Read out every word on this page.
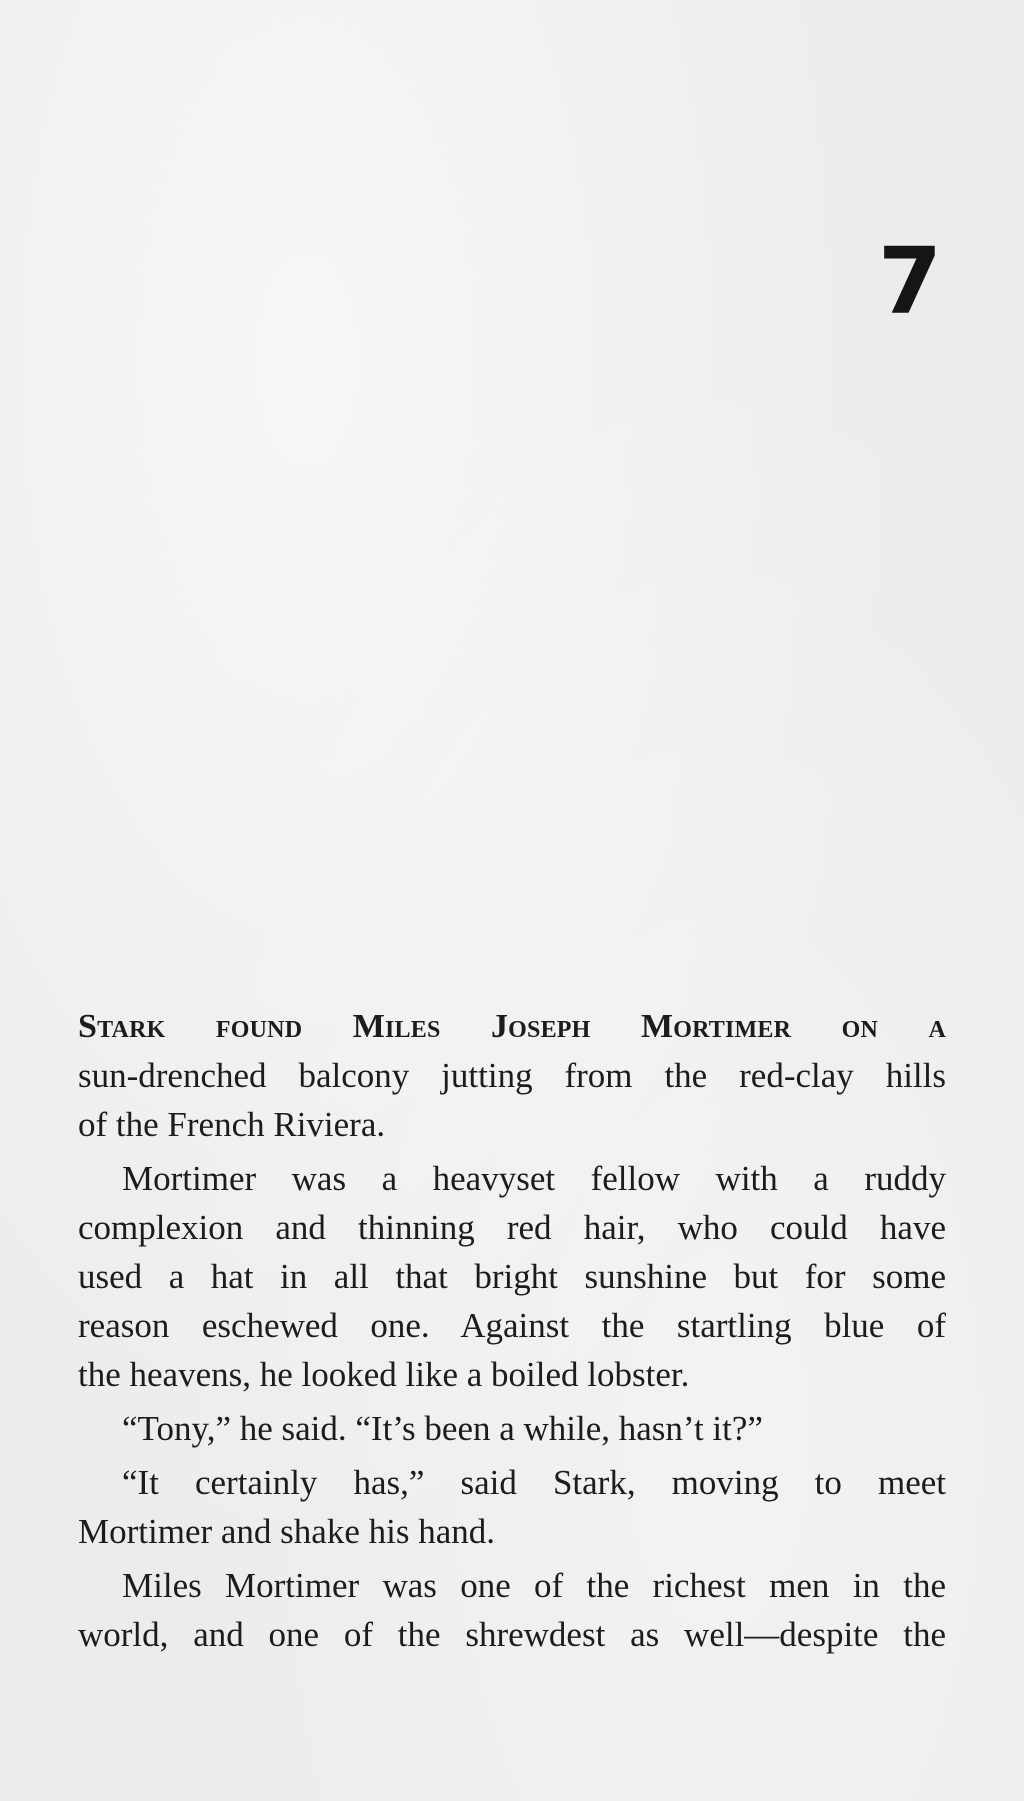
7
Stark found Miles Joseph Mortimer on a
sun-drenched balcony jutting from the red-clay hills
of the French Riviera.
Mortimer was a heavyset fellow with a ruddy
complexion and thinning red hair, who could have
used a hat in all that bright sunshine but for some
reason eschewed one. Against the startling blue of
the heavens, he looked like a boiled lobster.
“Tony,” he said. “It’s been a while, hasn’t it?”
“It certainly has,” said Stark, moving to meet
Mortimer and shake his hand.
Miles Mortimer was one of the richest men in the
world, and one of the shrewdest as well—despite the
